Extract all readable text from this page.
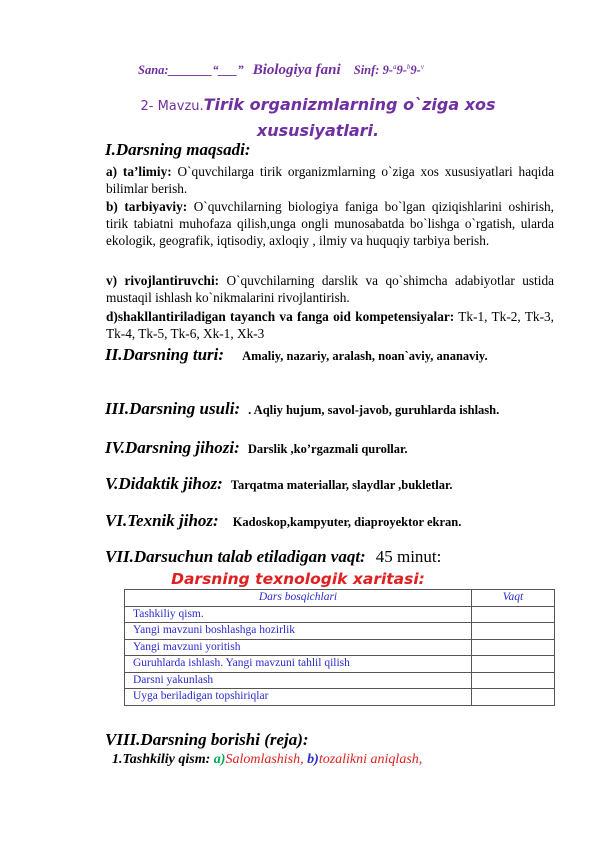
Sana:_______“___” Biologiya fani Sinf: 9-$^a$9-$^b$9-$^v$
2- Mavzu.Tirik organizmlarning o`ziga xos xususiyatlari.
I.Darsning maqsadi:
a) ta’limiy: O`quvchilarga tirik organizmlarning o`ziga xos xususiyatlari haqida bilimlar berish.
b) tarbiyaviy: O`quvchilarning biologiya faniga bo`lgan qiziqishlarini oshirish, tirik tabiatni muhofaza qilish,unga ongli munosabatda bo`lishga o`rgatish, ularda ekologik, geografik, iqtisodiy, axloqiy , ilmiy va huquqiy tarbiya berish.
v) rivojlantiruvchi: O`quvchilarning darslik va qo`shimcha adabiyotlar ustida mustaqil ishlash ko`nikmalarini rivojlantirish.
d)shakllantiriladigan tayanch va fanga oid kompetensiyalar: Tk-1, Tk-2, Tk-3, Tk-4, Tk-5, Tk-6, Xk-1, Xk-3
II.Darsning turi: Amaliy, nazariy, aralash, noan`aviy, ananaviy.
III.Darsning usuli: . Aqliy hujum, savol-javob, guruhlarda ishlash.
IV.Darsning jihozi: Darslik ,ko’rgazmali qurollar.
V.Didaktik jihoz: Tarqatma materiallar, slaydlar ,bukletlar.
VI.Texnik jihoz: Kadoskop,kampyuter, diaproyektor ekran.
VII.Darsuchun talab etiladigan vaqt: 45 minut:
Darsning texnologik xaritasi:
Dars bosqichlari	Vaqt
Tashkiliy qism.	
Yangi mavzuni boshlashga hozirlik	
Yangi mavzuni yoritish	
Guruhlarda ishlash. Yangi mavzuni tahlil qilish	
Darsni yakunlash	
Uyga beriladigan topshiriqlar	
VIII.Darsning borishi (reja):
1.Tashkiliy qism: a)Salomlashish, b)tozalikni aniqlash,
